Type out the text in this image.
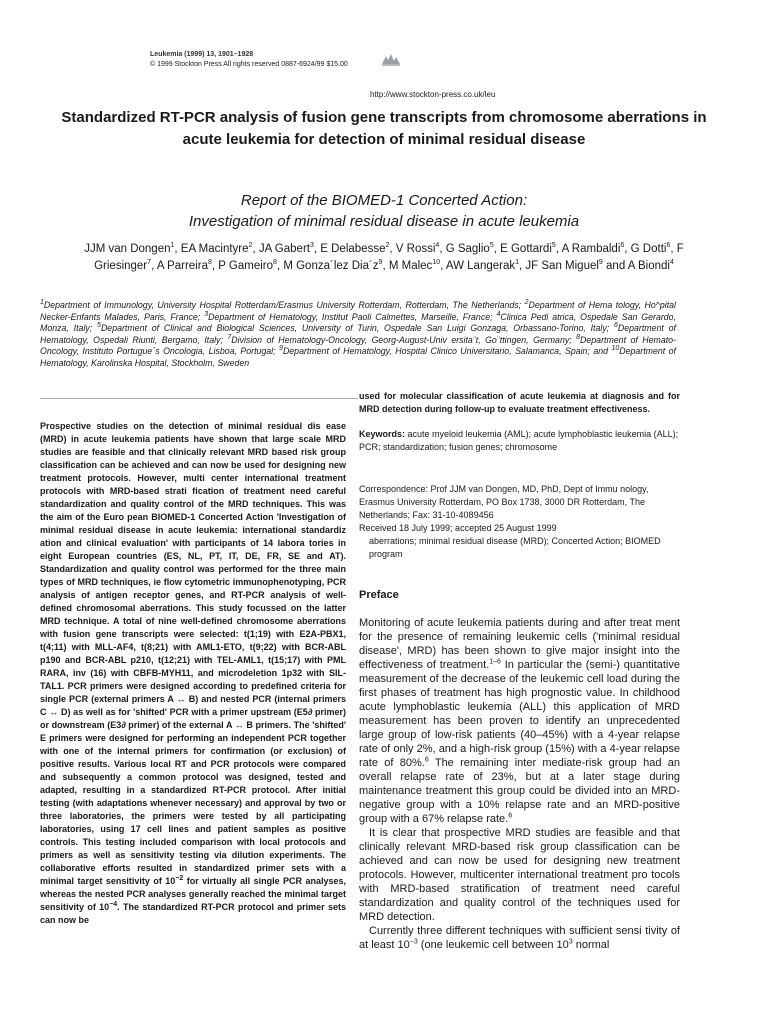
Leukemia (1999) 13, 1901–1928
© 1999 Stockton Press All rights reserved 0887-6924/99 $15.00
http://www.stockton-press.co.uk/leu
Standardized RT-PCR analysis of fusion gene transcripts from chromosome aberrations in acute leukemia for detection of minimal residual disease
Report of the BIOMED-1 Concerted Action:
Investigation of minimal residual disease in acute leukemia
JJM van Dongen$^1$, EA Macintyre$^2$, JA Gabert$^3$, E Delabesse$^2$, V Rossi$^4$, G Saglio$^5$, E Gottardi$^5$, A Rambaldi$^6$, G Dotti$^6$, F Griesinger$^7$, A Parreira$^8$, P Gameiro$^8$, M Gonza´lez $Dia´z^9$, M Malec$^{10}$, AW Langerak$^1$, JF San Miguel$^9$ and A Biondi$^4$
$^1$Department of Immunology, University Hospital Rotterdam/Erasmus University Rotterdam, Rotterdam, The Netherlands; $^2$Department of Hema tology, Ho^pital Necker-Enfants Malades, Paris, France; $^3$Department of Hematology, Institut Paoli Calmettes, Marseille, France; $^4$Clinica Pedi atrica, Ospedale San Gerardo, Monza, Italy; $^5$Department of Clinical and Biological Sciences, University of Turin, Ospedale San Luigi Gonzaga, Orbassano-Torino, Italy; $^6$Department of Hematology, Ospedali Riunti, Bergamo, Italy; $^7$Division of Hematology-Oncology, Georg-August-Univ ersita¨t, Go¨ttingen, Germany; $^8$Department of Hemato-Oncology, Instituto Portugue´s Oncologia, Lisboa, Portugal; $^9$Department of Hematology, Hospital Clinico Universitario, Salamanca, Spain; and $^{10}$Department of Hematology, Karolinska Hospital, Stockholm, Sweden
Prospective studies on the detection of minimal residual dis ease (MRD) in acute leukemia patients have shown that large scale MRD studies are feasible and that clinically relevant MRD based risk group classification can be achieved and can now be used for designing new treatment protocols. However, multi center international treatment protocols with MRD-based strati fication of treatment need careful standardization and quality control of the MRD techniques. This was the aim of the Euro pean BIOMED-1 Concerted Action 'Investigation of minimal residual disease in acute leukemia: international standardiz ation and clinical evaluation' with participants of 14 labora tories in eight European countries (ES, NL, PT, IT, DE, FR, SE and AT). Standardization and quality control was performed for the three main types of MRD techniques, ie flow cytometric immunophenotyping, PCR analysis of antigen receptor genes, and RT-PCR analysis of well-defined chromosomal aberrations. This study focussed on the latter MRD technique. A total of nine well-defined chromosome aberrations with fusion gene transcripts were selected: t(1;19) with E2A-PBX1, t(4;11) with MLL-AF4, t(8;21) with AML1-ETO, t(9;22) with BCR-ABL p190 and BCR-ABL p210, t(12;21) with TEL-AML1, t(15;17) with PML RARA, inv (16) with CBFB-MYH11, and microdeletion 1p32 with SIL-TAL1. PCR primers were designed according to predefined criteria for single PCR (external primers A ↔ B) and nested PCR (internal primers C ↔ D) as well as for 'shifted' PCR with a primer upstream (E5∂ primer) or downstream (E3∂ primer) of the external A ↔ B primers. The 'shifted' E primers were designed for performing an independent PCR together with one of the internal primers for confirmation (or exclusion) of positive results. Various local RT and PCR protocols were compared and subsequently a common protocol was designed, tested and adapted, resulting in a standardized RT-PCR protocol. After initial testing (with adaptations whenever necessary) and approval by two or three laboratories, the primers were tested by all participating laboratories, using 17 cell lines and patient samples as positive controls. This testing included comparison with local protocols and primers as well as sensitivity testing via dilution experiments. The collaborative efforts resulted in standardized primer sets with a minimal target sensitivity of $10^{-2}$ for virtually all single PCR analyses, whereas the nested PCR analyses generally reached the minimal target sensitivity of $10^{-4}$. The standardized RT-PCR protocol and primer sets can now be
used for molecular classification of acute leukemia at diagnosis and for MRD detection during follow-up to evaluate treatment effectiveness.
Keywords: acute myeloid leukemia (AML); acute lymphoblastic leukemia (ALL); PCR; standardization; fusion genes; chromosome
Correspondence: Prof JJM van Dongen, MD, PhD, Dept of Immu nology, Erasmus University Rotterdam, PO Box 1738, 3000 DR Rotterdam, The Netherlands; Fax: 31-10-4089456
Received 18 July 1999; accepted 25 August 1999
aberrations; minimal residual disease (MRD); Concerted Action; BIOMED program
Preface

Monitoring of acute leukemia patients during and after treat ment for the presence of remaining leukemic cells ('minimal residual disease', MRD) has been shown to give major insight into the effectiveness of treatment.$^{1-6}$ In particular the (semi-) quantitative measurement of the decrease of the leukemic cell load during the first phases of treatment has high prognostic value. In childhood acute lymphoblastic leukemia (ALL) this application of MRD measurement has been proven to identify an unprecedented large group of low-risk patients (40–45%) with a 4-year relapse rate of only 2%, and a high-risk group (15%) with a 4-year relapse rate of 80%.$^6$ The remaining inter mediate-risk group had an overall relapse rate of 23%, but at a later stage during maintenance treatment this group could be divided into an MRD-negative group with a 10% relapse rate and an MRD-positive group with a 67% relapse rate.$^6$

It is clear that prospective MRD studies are feasible and that clinically relevant MRD-based risk group classification can be achieved and can now be used for designing new treatment protocols. However, multicenter international treatment pro tocols with MRD-based stratification of treatment need careful standardization and quality control of the techniques used for MRD detection.

Currently three different techniques with sufficient sensi tivity of at least $10^{-3}$ (one leukemic cell between $10^3$ normal
